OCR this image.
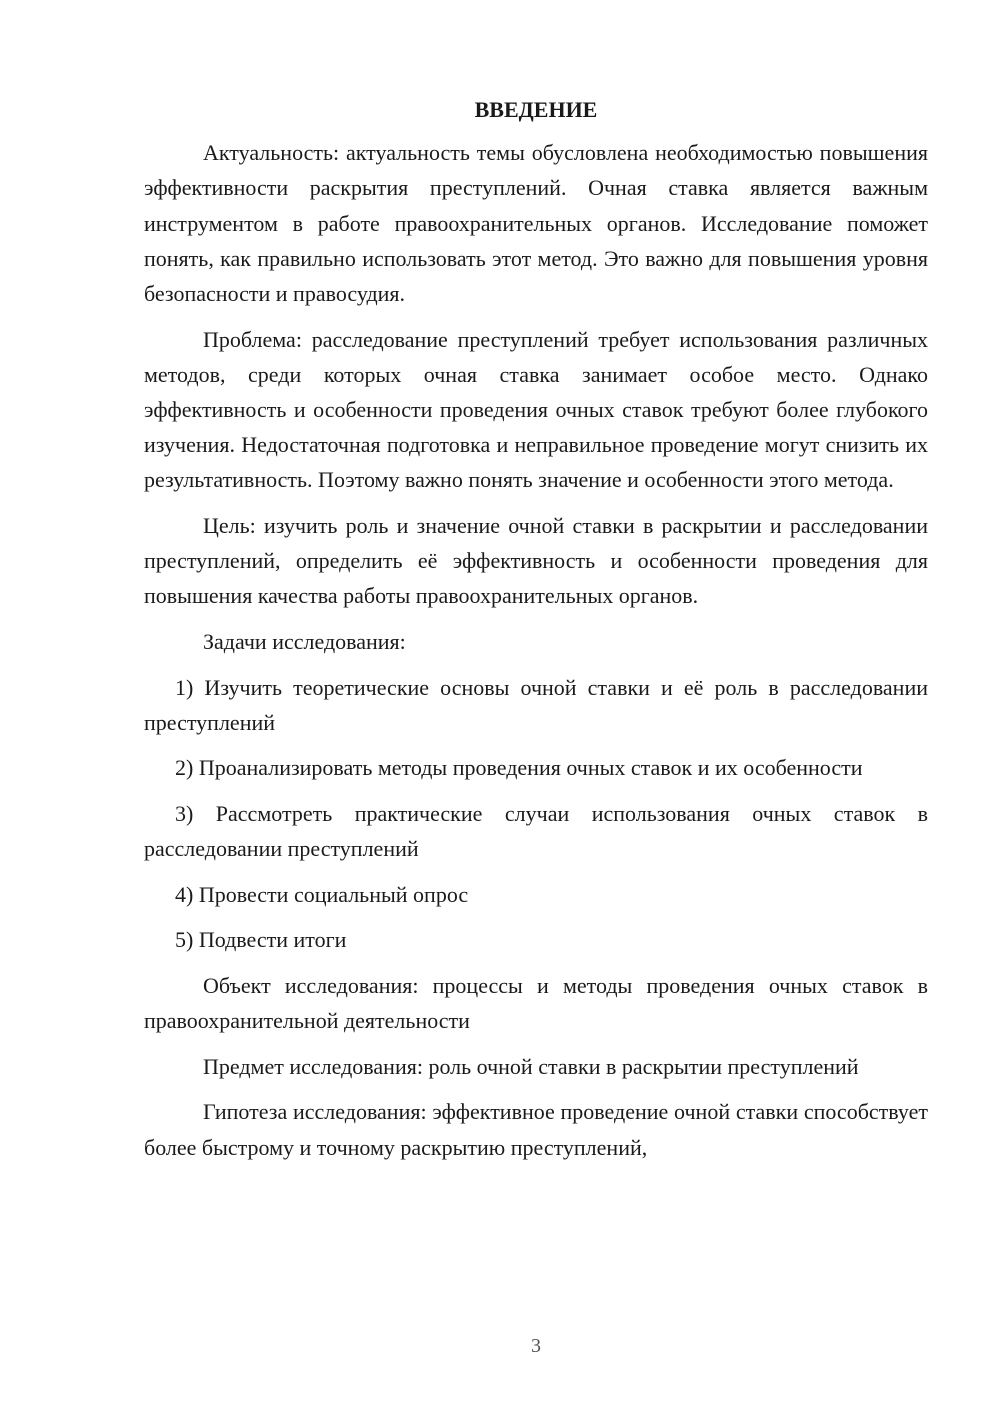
ВВЕДЕНИЕ

Актуальность: актуальность темы обусловлена необходимостью повышения эффективности раскрытия преступлений. Очная ставка является важным инструментом в работе правоохранительных органов. Исследование поможет понять, как правильно использовать этот метод. Это важно для повышения уровня безопасности и правосудия.

Проблема: расследование преступлений требует использования различных методов, среди которых очная ставка занимает особое место. Однако эффективность и особенности проведения очных ставок требуют более глубокого изучения. Недостаточная подготовка и неправильное проведение могут снизить их результативность. Поэтому важно понять значение и особенности этого метода.

Цель: изучить роль и значение очной ставки в раскрытии и расследовании преступлений, определить её эффективность и особенности проведения для повышения качества работы правоохранительных органов.

Задачи исследования:

1) Изучить теоретические основы очной ставки и её роль в расследовании преступлений

2) Проанализировать методы проведения очных ставок и их особенности

3) Рассмотреть практические случаи использования очных ставок в расследовании преступлений

4) Провести социальный опрос

5) Подвести итоги

Объект исследования: процессы и методы проведения очных ставок в правоохранительной деятельности

Предмет исследования: роль очной ставки в раскрытии преступлений

Гипотеза исследования: эффективное проведение очной ставки способствует более быстрому и точному раскрытию преступлений,

3
